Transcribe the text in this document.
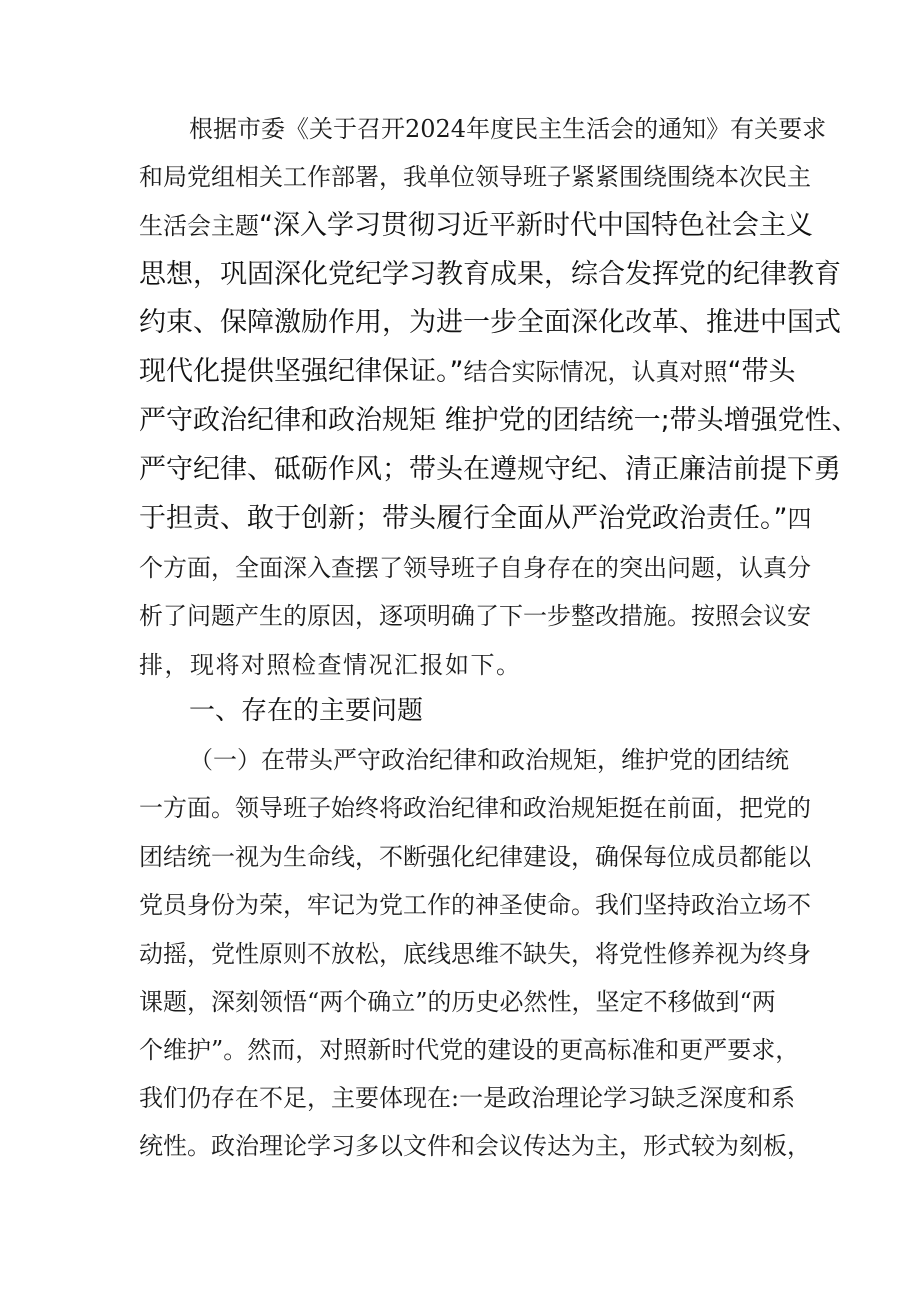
根据市委《关于召开2024年度民主生活会的通知》有关要求
和局党组相关工作部署，我单位领导班子紧紧围绕围绕本次民主
生活会主题“深入学习贯彻习近平新时代中国特色社会主义
思想，巩固深化党纪学习教育成果，综合发挥党的纪律教育
约束、保障激励作用，为进一步全面深化改革、推进中国式
现代化提供坚强纪律保证。”结合实际情况，认真对照“带头
严守政治纪律和政治规矩 维护党的团结统一;带头增强党性、
严守纪律、砥砺作风；带头在遵规守纪、清正廉洁前提下勇
于担责、敢于创新；带头履行全面从严治党政治责任。”四
个方面，全面深入查摆了领导班子自身存在的突出问题，认真分
析了问题产生的原因，逐项明确了下一步整改措施。按照会议安
排，现将对照检查情况汇报如下。
一、存在的主要问题
（一）在带头严守政治纪律和政治规矩，维护党的团结统
一方面。领导班子始终将政治纪律和政治规矩挺在前面，把党的
团结统一视为生命线，不断强化纪律建设，确保每位成员都能以
党员身份为荣，牢记为党工作的神圣使命。我们坚持政治立场不
动摇，党性原则不放松，底线思维不缺失，将党性修养视为终身
课题，深刻领悟“两个确立”的历史必然性，坚定不移做到“两
个维护”。然而，对照新时代党的建设的更高标准和更严要求，
我们仍存在不足，主要体现在:一是政治理论学习缺乏深度和系
统性。政治理论学习多以文件和会议传达为主，形式较为刻板，
